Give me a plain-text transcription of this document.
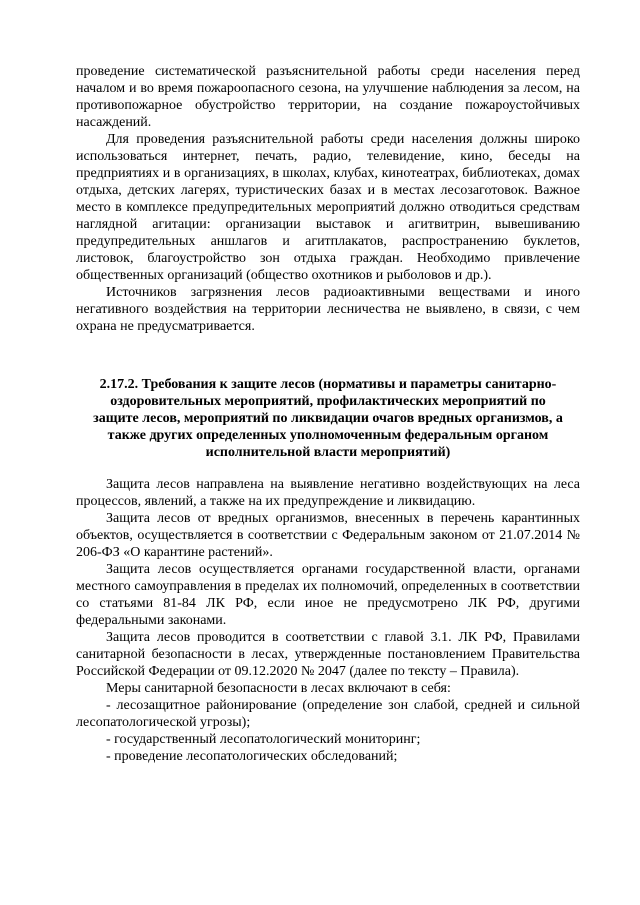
проведение систематической разъяснительной работы среди населения перед началом и во время пожароопасного сезона, на улучшение наблюдения за лесом, на противопожарное обустройство территории, на создание пожароустойчивых насаждений.

Для проведения разъяснительной работы среди населения должны широко использоваться интернет, печать, радио, телевидение, кино, беседы на предприятиях и в организациях, в школах, клубах, кинотеатрах, библиотеках, домах отдыха, детских лагерях, туристических базах и в местах лесозаготовок. Важное место в комплексе предупредительных мероприятий должно отводиться средствам наглядной агитации: организации выставок и агитвитрин, вывешиванию предупредительных аншлагов и агитплакатов, распространению буклетов, листовок, благоустройство зон отдыха граждан. Необходимо привлечение общественных организаций (общество охотников и рыболовов и др.).

Источников загрязнения лесов радиоактивными веществами и иного негативного воздействия на территории лесничества не выявлено, в связи, с чем охрана не предусматривается.

2.17.2. Требования к защите лесов (нормативы и параметры санитарно-оздоровительных мероприятий, профилактических мероприятий по защите лесов, мероприятий по ликвидации очагов вредных организмов, а также других определенных уполномоченным федеральным органом исполнительной власти мероприятий)

Защита лесов направлена на выявление негативно воздействующих на леса процессов, явлений, а также на их предупреждение и ликвидацию.

Защита лесов от вредных организмов, внесенных в перечень карантинных объектов, осуществляется в соответствии с Федеральным законом от 21.07.2014 № 206-ФЗ «О карантине растений».

Защита лесов осуществляется органами государственной власти, органами местного самоуправления в пределах их полномочий, определенных в соответствии со статьями 81-84 ЛК РФ, если иное не предусмотрено ЛК РФ, другими федеральными законами.

Защита лесов проводится в соответствии с главой 3.1. ЛК РФ, Правилами санитарной безопасности в лесах, утвержденные постановлением Правительства Российской Федерации от 09.12.2020 № 2047 (далее по тексту – Правила).

Меры санитарной безопасности в лесах включают в себя:

- лесозащитное районирование (определение зон слабой, средней и сильной лесопатологической угрозы);

- государственный лесопатологический мониторинг;

- проведение лесопатологических обследований;
